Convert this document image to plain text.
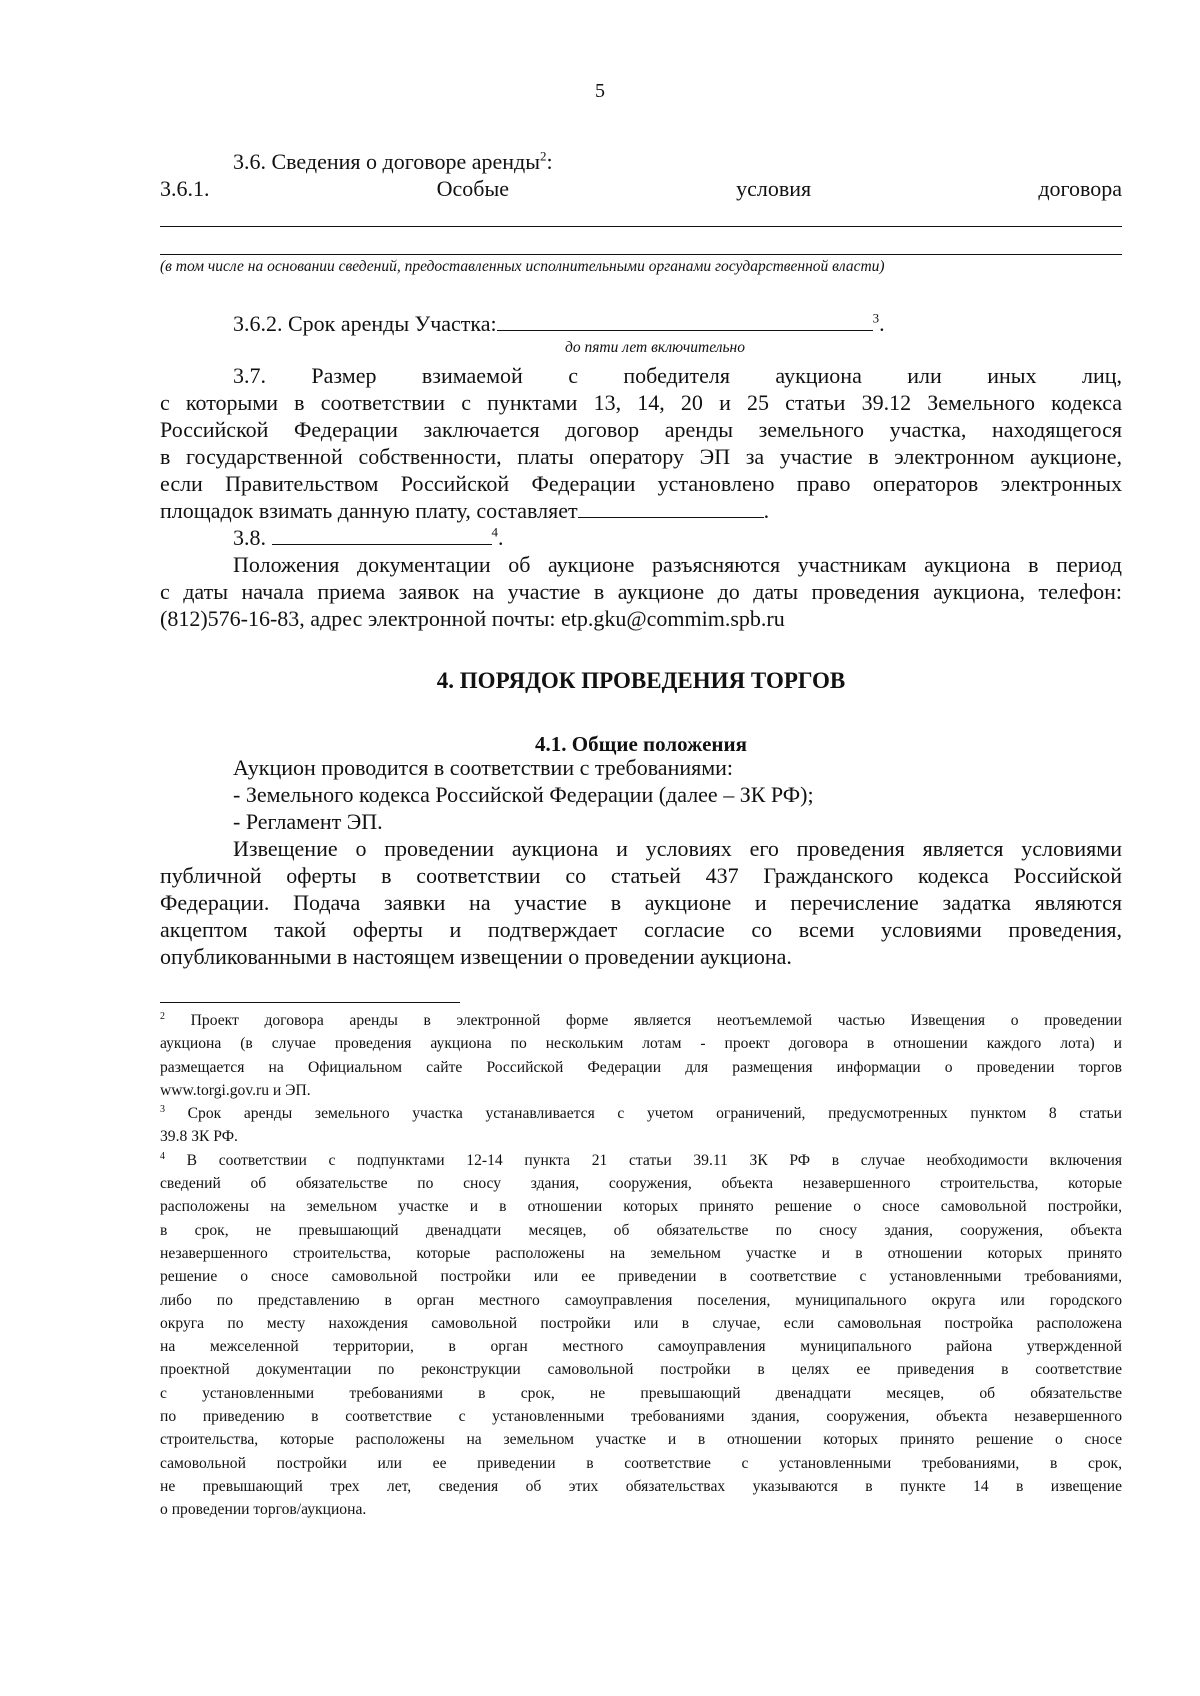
5
3.6. Сведения о договоре аренды$^2$:
3.6.1.	Особые	условия	договора
(в том числе на основании сведений, предоставленных исполнительными органами государственной власти)
3.6.2. Срок аренды Участка:	$^3$.
до пяти лет включительно
3.7. Размер взимаемой с победителя аукциона или иных лиц,
с которыми в соответствии с пунктами 13, 14, 20 и 25 статьи 39.12 Земельного кодекса
Российской Федерации заключается договор аренды земельного участка, находящегося
в государственной собственности, платы оператору ЭП за участие в электронном аукционе,
если Правительством Российской Федерации установлено право операторов электронных
площадок взимать данную плату, составляет	.
3.8.	$^4$.
Положения документации об аукционе разъясняются участникам аукциона в период
с даты начала приема заявок на участие в аукционе до даты проведения аукциона, телефон:
(812)576-16-83, адрес электронной почты: etp.gku@commim.spb.ru
4. ПОРЯДОК ПРОВЕДЕНИЯ ТОРГОВ
4.1. Общие положения
Аукцион проводится в соответствии с требованиями:
- Земельного кодекса Российской Федерации (далее – ЗК РФ);
- Регламент ЭП.
Извещение о проведении аукциона и условиях его проведения является условиями
публичной оферты в соответствии со статьей 437 Гражданского кодекса Российской
Федерации. Подача заявки на участие в аукционе и перечисление задатка являются
акцептом такой оферты и подтверждает согласие со всеми условиями проведения,
опубликованными в настоящем извещении о проведении аукциона.
$^2$ Проект договора аренды в электронной форме является неотъемлемой частью Извещения о проведении
аукциона (в случае проведения аукциона по нескольким лотам - проект договора в отношении каждого лота) и
размещается на Официальном сайте Российской Федерации для размещения информации о проведении торгов
www.torgi.gov.ru и ЭП.
$^3$ Срок аренды земельного участка устанавливается с учетом ограничений, предусмотренных пунктом 8 статьи
39.8 ЗК РФ.
$^4$ В соответствии с подпунктами 12-14 пункта 21 статьи 39.11 ЗК РФ в случае необходимости включения
сведений об обязательстве по сносу здания, сооружения, объекта незавершенного строительства, которые
расположены на земельном участке и в отношении которых принято решение о сносе самовольной постройки,
в срок, не превышающий двенадцати месяцев, об обязательстве по сносу здания, сооружения, объекта
незавершенного строительства, которые расположены на земельном участке и в отношении которых принято
решение о сносе самовольной постройки или ее приведении в соответствие с установленными требованиями,
либо по представлению в орган местного самоуправления поселения, муниципального округа или городского
округа по месту нахождения самовольной постройки или в случае, если самовольная постройка расположена
на межселенной территории, в орган местного самоуправления муниципального района утвержденной
проектной документации по реконструкции самовольной постройки в целях ее приведения в соответствие
с установленными требованиями в срок, не превышающий двенадцати месяцев, об обязательстве
по приведению в соответствие с установленными требованиями здания, сооружения, объекта незавершенного
строительства, которые расположены на земельном участке и в отношении которых принято решение о сносе
самовольной постройки или ее приведении в соответствие с установленными требованиями, в срок,
не превышающий трех лет, сведения об этих обязательствах указываются в пункте 14 в извещение
о проведении торгов/аукциона.
